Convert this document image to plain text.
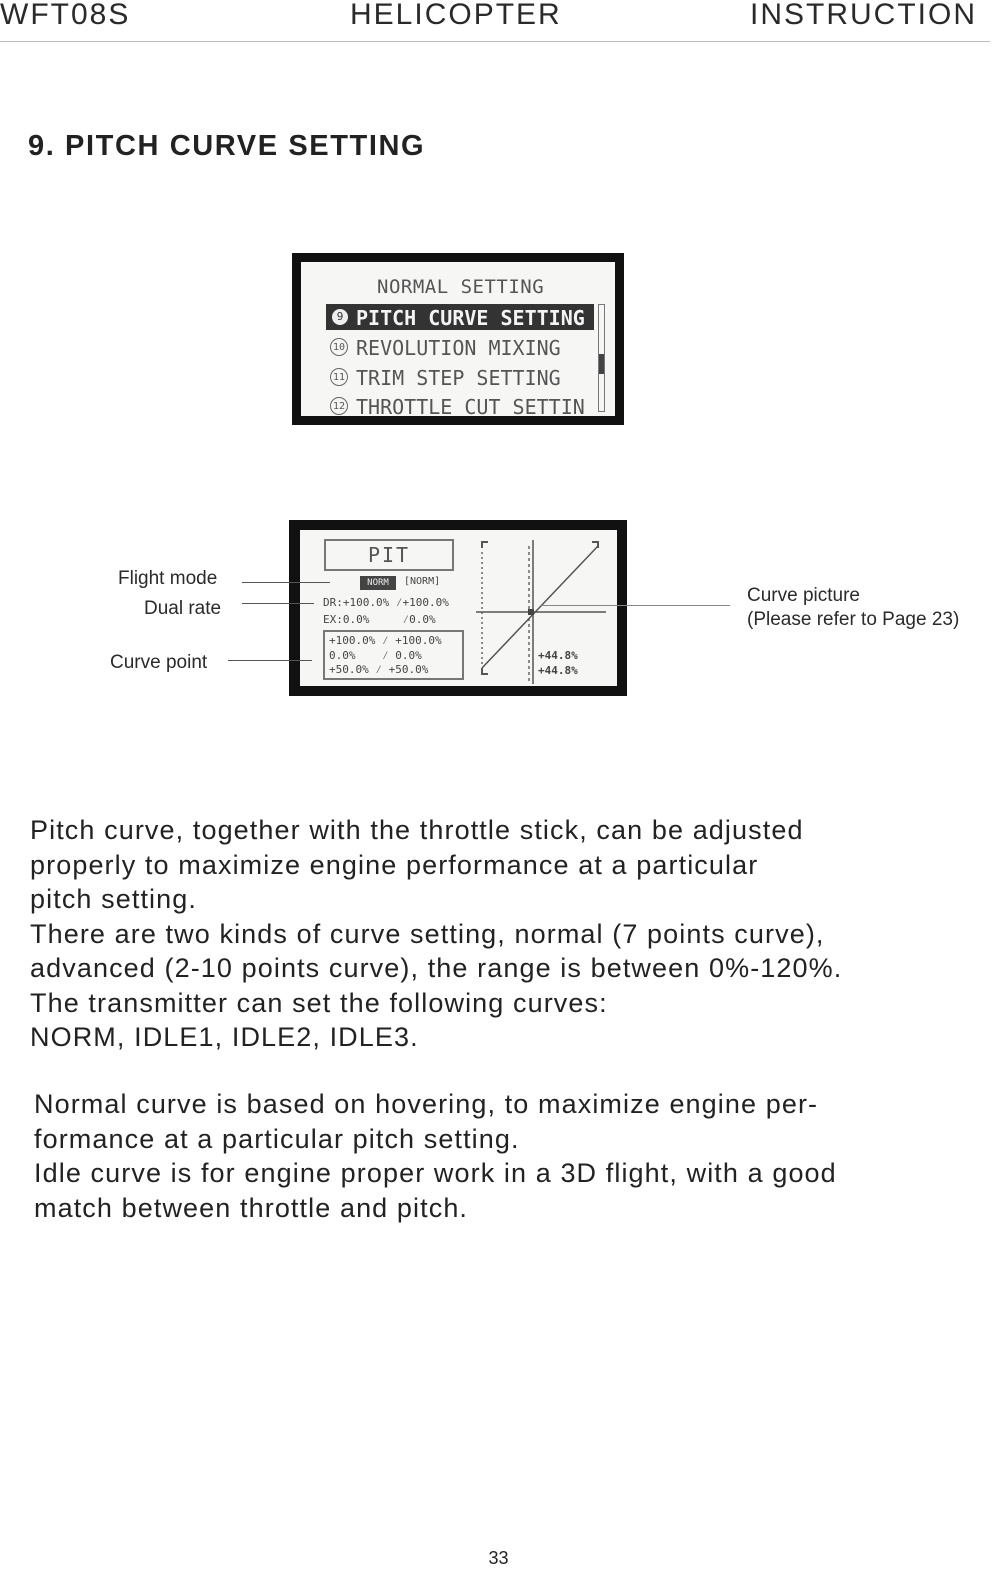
WFT08S	HELICOPTER	INSTRUCTION
9. PITCH CURVE SETTING
NORMAL SETTING
9 PITCH CURVE SETTING
10 REVOLUTION MIXING
11 TRIM STEP SETTING
12 THROTTLE CUT SETTIN
PIT
NORM	[NORM]
DR:+100.0% ⁄+100.0%
EX:0.0%     ⁄0.0%
+100.0% ⁄ +100.0%
0.0%    ⁄ 0.0%
+50.0% ⁄ +50.0%
+44.8%
+44.8%
Flight mode
Dual rate
Curve point
Curve picture
(Please refer to Page 23)
Pitch curve, together with the throttle stick, can be adjusted
properly to maximize engine performance at a particular
pitch setting.
There are two kinds of curve setting, normal (7 points curve),
advanced (2-10 points curve), the range is between 0%-120%.
The transmitter can set the following curves:
NORM, IDLE1, IDLE2, IDLE3.
Normal curve is based on hovering, to maximize engine per-
formance at a particular pitch setting.
Idle curve is for engine proper work in a 3D flight, with a good
match between throttle and pitch.
33
